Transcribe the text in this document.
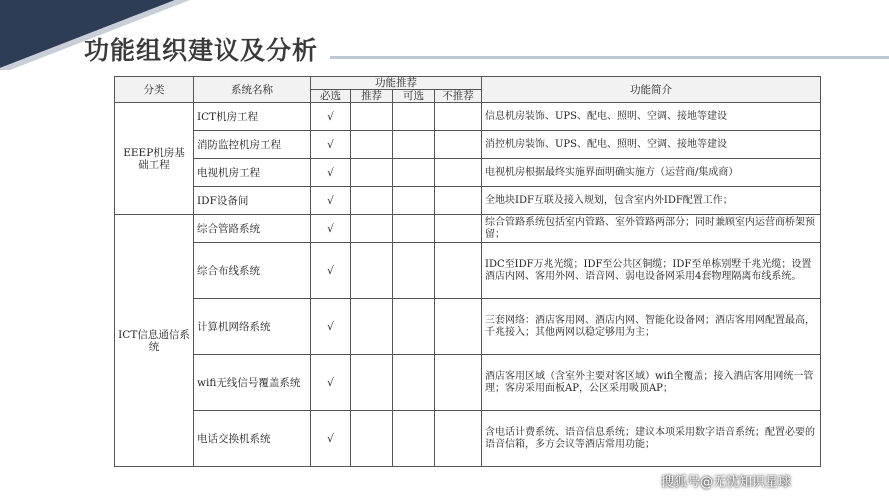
功能组织建议及分析
分类	系统名称	功能推荐				功能简介
		必选	推荐	可选	不推荐	
EEEP机房基础工程	ICT机房工程	√				信息机房装饰、UPS、配电、照明、空调、接地等建设
	消防监控机房工程	√				消控机房装饰、UPS、配电、照明、空调、接地等建设
	电视机房工程	√				电视机房根据最终实施界面明确实施方（运营商/集成商）
	IDF设备间	√				全地块IDF互联及接入规划，包含室内外IDF配置工作；
ICT信息通信系统	综合管路系统	√				综合管路系统包括室内管路、室外管路两部分；同时兼顾室内运营商桥架预留；
	综合布线系统	√				IDC至IDF万兆光缆；IDF至公共区铜缆；IDF至单栋别墅千兆光缆；设置酒店内网、客用外网、语音网、弱电设备网采用4套物理隔离布线系统。
	计算机网络系统	√				三套网络：酒店客用网、酒店内网、智能化设备网；酒店客用网配置最高，千兆接入；其他两网以稳定够用为主；
	wifi无线信号覆盖系统	√				酒店客用区域（含室外主要对客区域）wifi全覆盖；接入酒店客用网统一管理；客房采用面板AP，公区采用吸顶AP；
	电话交换机系统	√				含电话计费系统、语音信息系统；建议本项采用数字语音系统；配置必要的语音信箱，多方会议等酒店常用功能；
搜狐号@无忧知识星球
